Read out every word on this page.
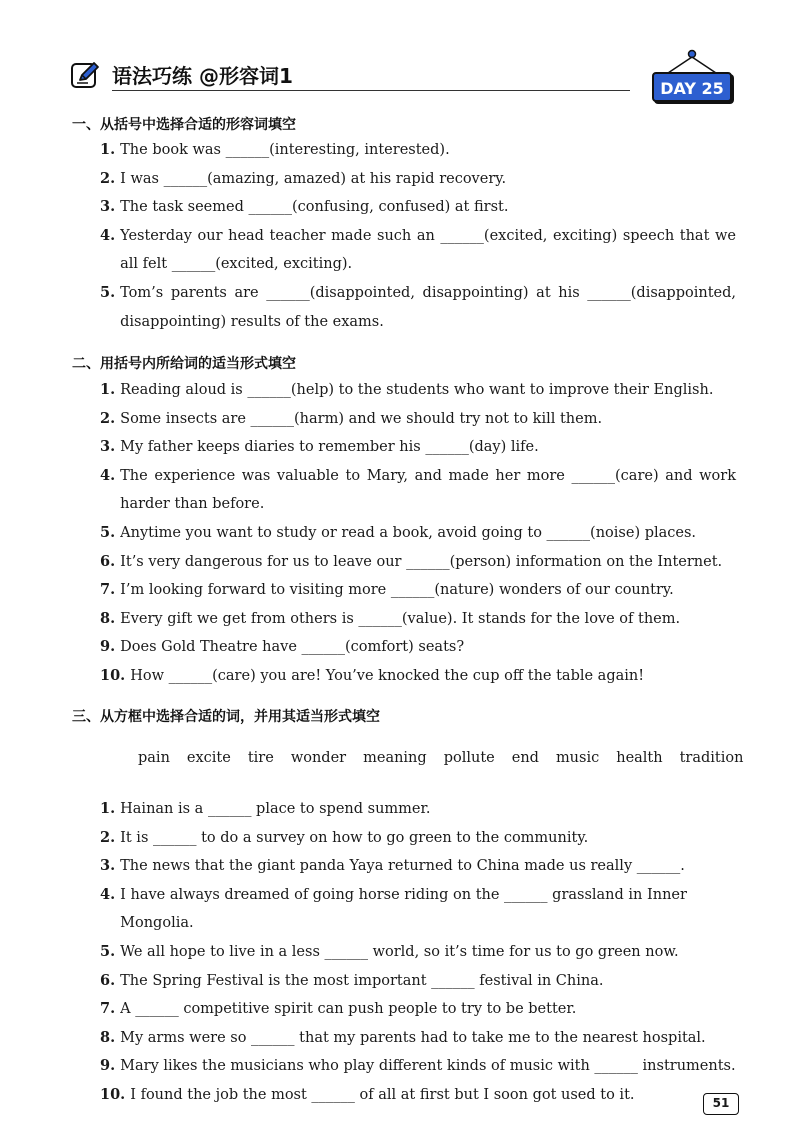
语法巧练 @形容词1
DAY 25
一、从括号中选择合适的形容词填空
1. The book was ______(interesting, interested).
2. I was ______(amazing, amazed) at his rapid recovery.
3. The task seemed ______(confusing, confused) at first.
4. Yesterday our head teacher made such an ______(excited, exciting) speech that we all felt ______(excited, exciting).
5. Tom’s parents are ______(disappointed, disappointing) at his ______(disappointed, disappointing) results of the exams.
二、用括号内所给词的适当形式填空
1. Reading aloud is ______(help) to the students who want to improve their English.
2. Some insects are ______(harm) and we should try not to kill them.
3. My father keeps diaries to remember his ______(day) life.
4. The experience was valuable to Mary, and made her more ______(care) and work harder than before.
5. Anytime you want to study or read a book, avoid going to ______(noise) places.
6. It’s very dangerous for us to leave our ______(person) information on the Internet.
7. I’m looking forward to visiting more ______(nature) wonders of our country.
8. Every gift we get from others is ______(value). It stands for the love of them.
9. Does Gold Theatre have ______(comfort) seats?
10. How ______(care) you are! You’ve knocked the cup off the table again!
三、从方框中选择合适的词，并用其适当形式填空
pain excite tire wonder meaning pollute end music health tradition
1. Hainan is a ______ place to spend summer.
2. It is ______ to do a survey on how to go green to the community.
3. The news that the giant panda Yaya returned to China made us really ______.
4. I have always dreamed of going horse riding on the ______ grassland in Inner Mongolia.
5. We all hope to live in a less ______ world, so it’s time for us to go green now.
6. The Spring Festival is the most important ______ festival in China.
7. A ______ competitive spirit can push people to try to be better.
8. My arms were so ______ that my parents had to take me to the nearest hospital.
9. Mary likes the musicians who play different kinds of music with ______ instruments.
10. I found the job the most ______ of all at first but I soon got used to it.
51
